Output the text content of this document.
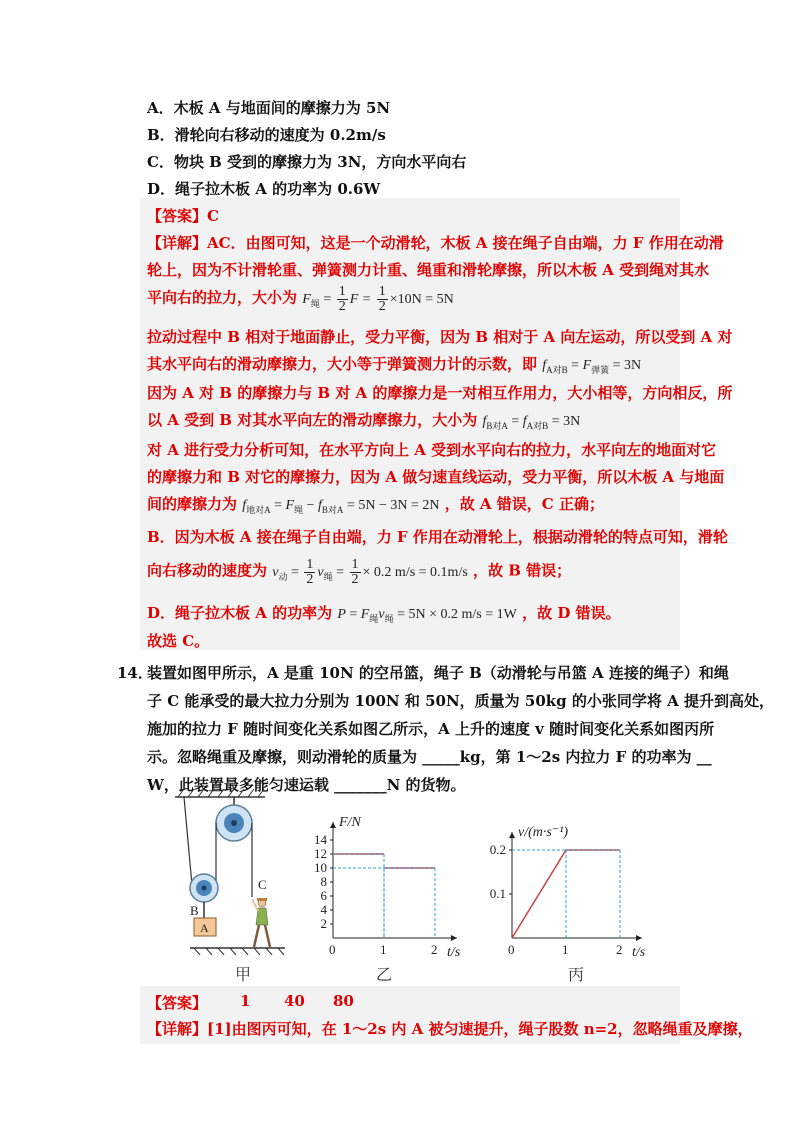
A．木板 A 与地面间的摩擦力为 5N
B．滑轮向右移动的速度为 0.2m/s
C．物块 B 受到的摩擦力为 3N，方向水平向右
D．绳子拉木板 A 的功率为 0.6W
【答案】C
【详解】AC．由图可知，这是一个动滑轮，木板 A 接在绳子自由端，力 F 作用在动滑
轮上，因为不计滑轮重、弹簧测力计重、绳重和滑轮摩擦，所以木板 A 受到绳对其水
平向右的拉力，大小为 $F_绳 = \frac{1}{2}$ $F = \frac{1}{2} \times 10N = 5N$
拉动过程中 B 相对于地面静止，受力平衡，因为 B 相对于 A 向左运动，所以受到 A 对
其水平向右的滑动摩擦力，大小等于弹簧测力计的示数，即 $f_{A对B} = F_{弹簧} = 3N$
因为 A 对 B 的摩擦力与 B 对 A 的摩擦力是一对相互作用力，大小相等，方向相反，所
以 A 受到 B 对其水平向左的滑动摩擦力，大小为 $f_{B对A} = f_{A对B} = 3N$
对 A 进行受力分析可知，在水平方向上 A 受到水平向右的拉力，水平向左的地面对它
的摩擦力和 B 对它的摩擦力，因为 A 做匀速直线运动，受力平衡，所以木板 A 与地面
间的摩擦力为 $f_{地对A} = F_绳 - f_{B对A} = 5N - 3N = 2N$ ，故 A 错误，C 正确；
B．因为木板 A 接在绳子自由端，力 F 作用在动滑轮上，根据动滑轮的特点可知，滑轮
向右移动的速度为 $v_动 = \frac{1}{2} v_绳 = \frac{1}{2} \times 0.2$ m/s = 0.1m/s ，故 B 错误；
D．绳子拉木板 A 的功率为 $P = F_绳v_绳 = 5N \times 0.2$ m/s = 1W ，故 D 错误。
故选 C。
14．
装置如图甲所示，A 是重 10N 的空吊篮，绳子 B（动滑轮与吊篮 A 连接的绳子）和绳
子 C 能承受的最大拉力分别为 100N 和 50N，质量为 50kg 的小张同学将 A 提升到高处，
施加的拉力 F 随时间变化关系如图乙所示，A 上升的速度 v 随时间变化关系如图丙所
示。忽略绳重及摩擦，则动滑轮的质量为 _____kg，第 1～2s 内拉力 F 的功率为 __
W，此装置最多能匀速运载 _______N 的货物。
B
A
C
甲
F/N
t/s
0	1	2
2
4
6
8
10
12
14
乙
v/(m·s⁻¹)
t/s
0	1	2
0.1
0.2
丙
【答案】 1 40 80
【详解】[1]由图丙可知，在 1～2s 内 A 被匀速提升，绳子股数 n=2，忽略绳重及摩擦，
